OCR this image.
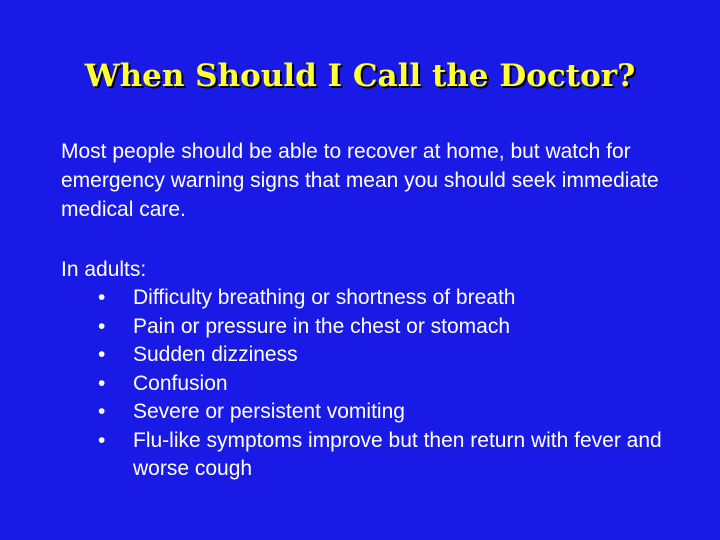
When Should I Call the Doctor?
Most people should be able to recover at home, but watch for emergency warning signs that mean you should seek immediate medical care.
In adults:
• Difficulty breathing or shortness of breath
• Pain or pressure in the chest or stomach
• Sudden dizziness
• Confusion
• Severe or persistent vomiting
• Flu-like symptoms improve but then return with fever and worse cough
